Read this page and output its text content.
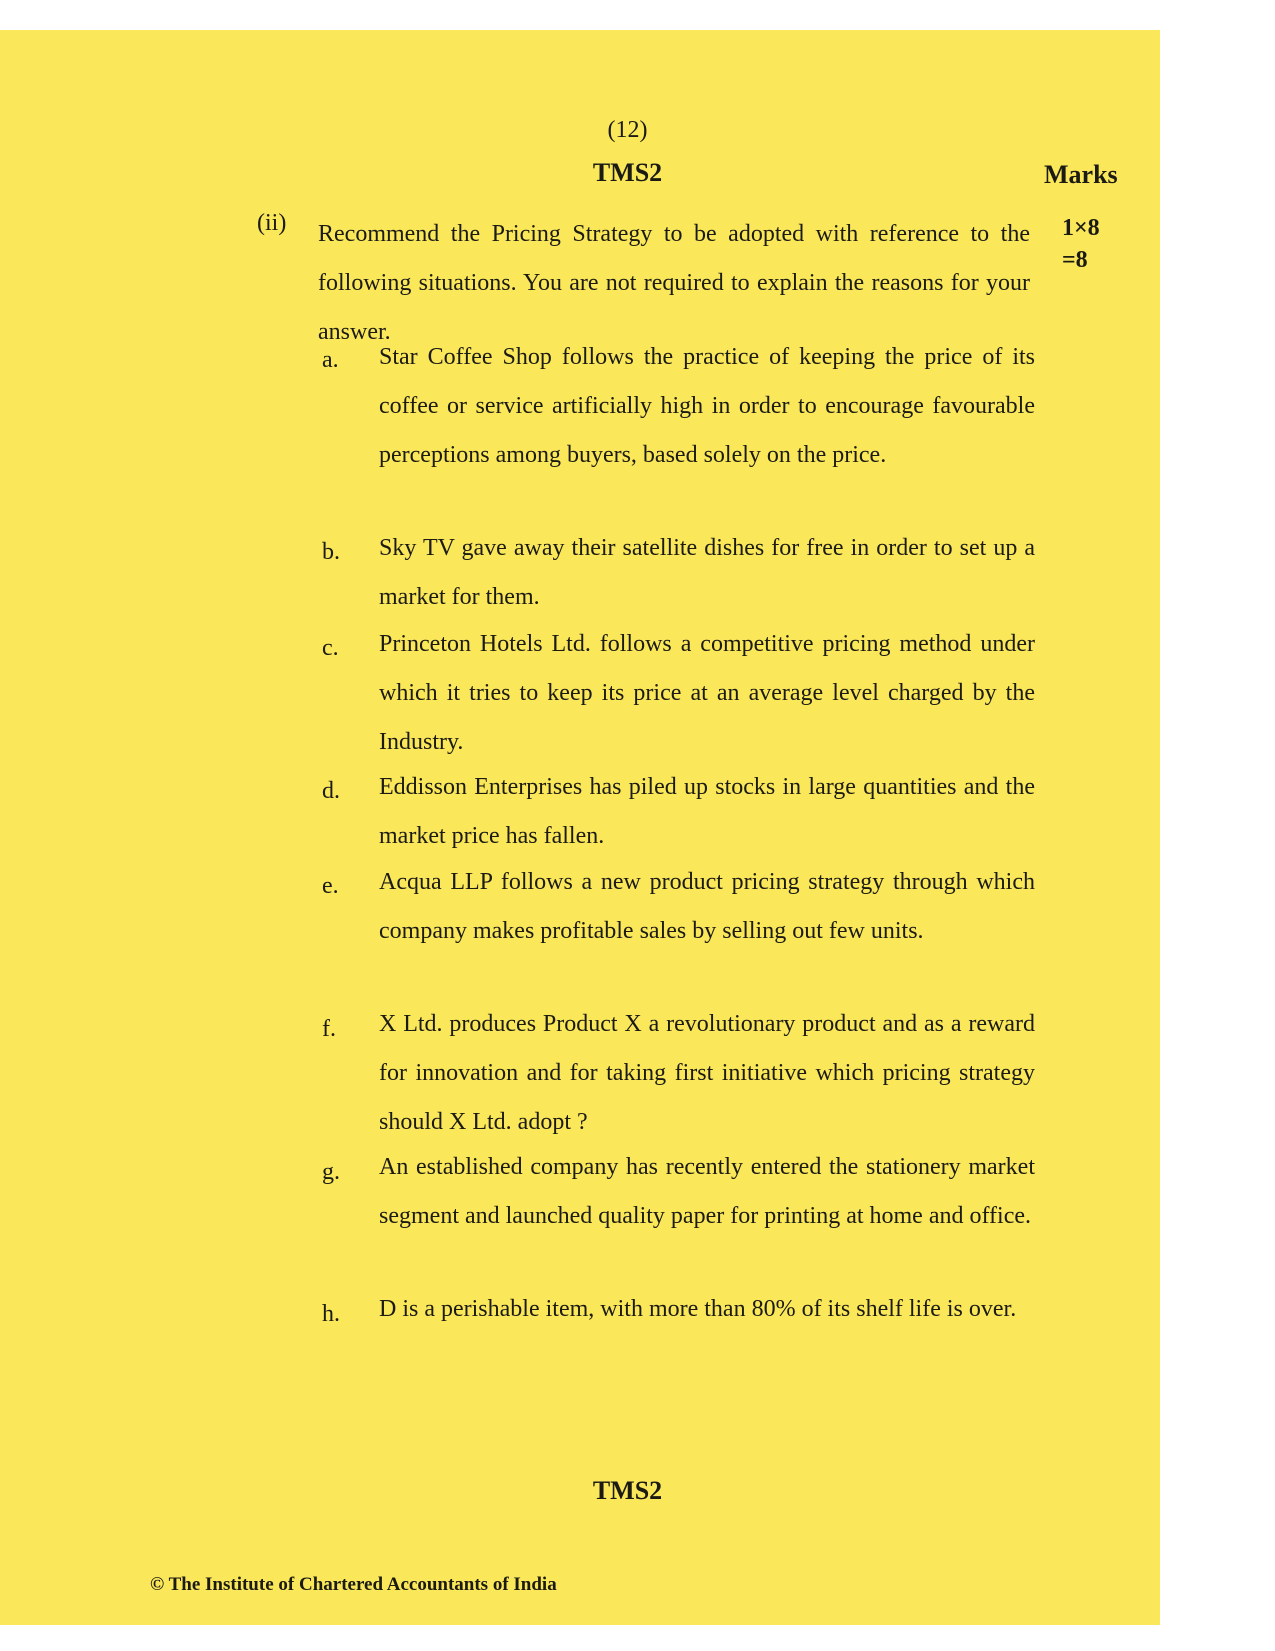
(12)
TMS2	Marks
1×8
=8
(ii) Recommend the Pricing Strategy to be adopted with reference to the following situations. You are not required to explain the reasons for your answer.
a. Star Coffee Shop follows the practice of keeping the price of its coffee or service artificially high in order to encourage favourable perceptions among buyers, based solely on the price.
b. Sky TV gave away their satellite dishes for free in order to set up a market for them.
c. Princeton Hotels Ltd. follows a competitive pricing method under which it tries to keep its price at an average level charged by the Industry.
d. Eddisson Enterprises has piled up stocks in large quantities and the market price has fallen.
e. Acqua LLP follows a new product pricing strategy through which company makes profitable sales by selling out few units.
f. X Ltd. produces Product X a revolutionary product and as a reward for innovation and for taking first initiative which pricing strategy should X Ltd. adopt ?
g. An established company has recently entered the stationery market segment and launched quality paper for printing at home and office.
h. D is a perishable item, with more than 80% of its shelf life is over.
TMS2
© The Institute of Chartered Accountants of India
